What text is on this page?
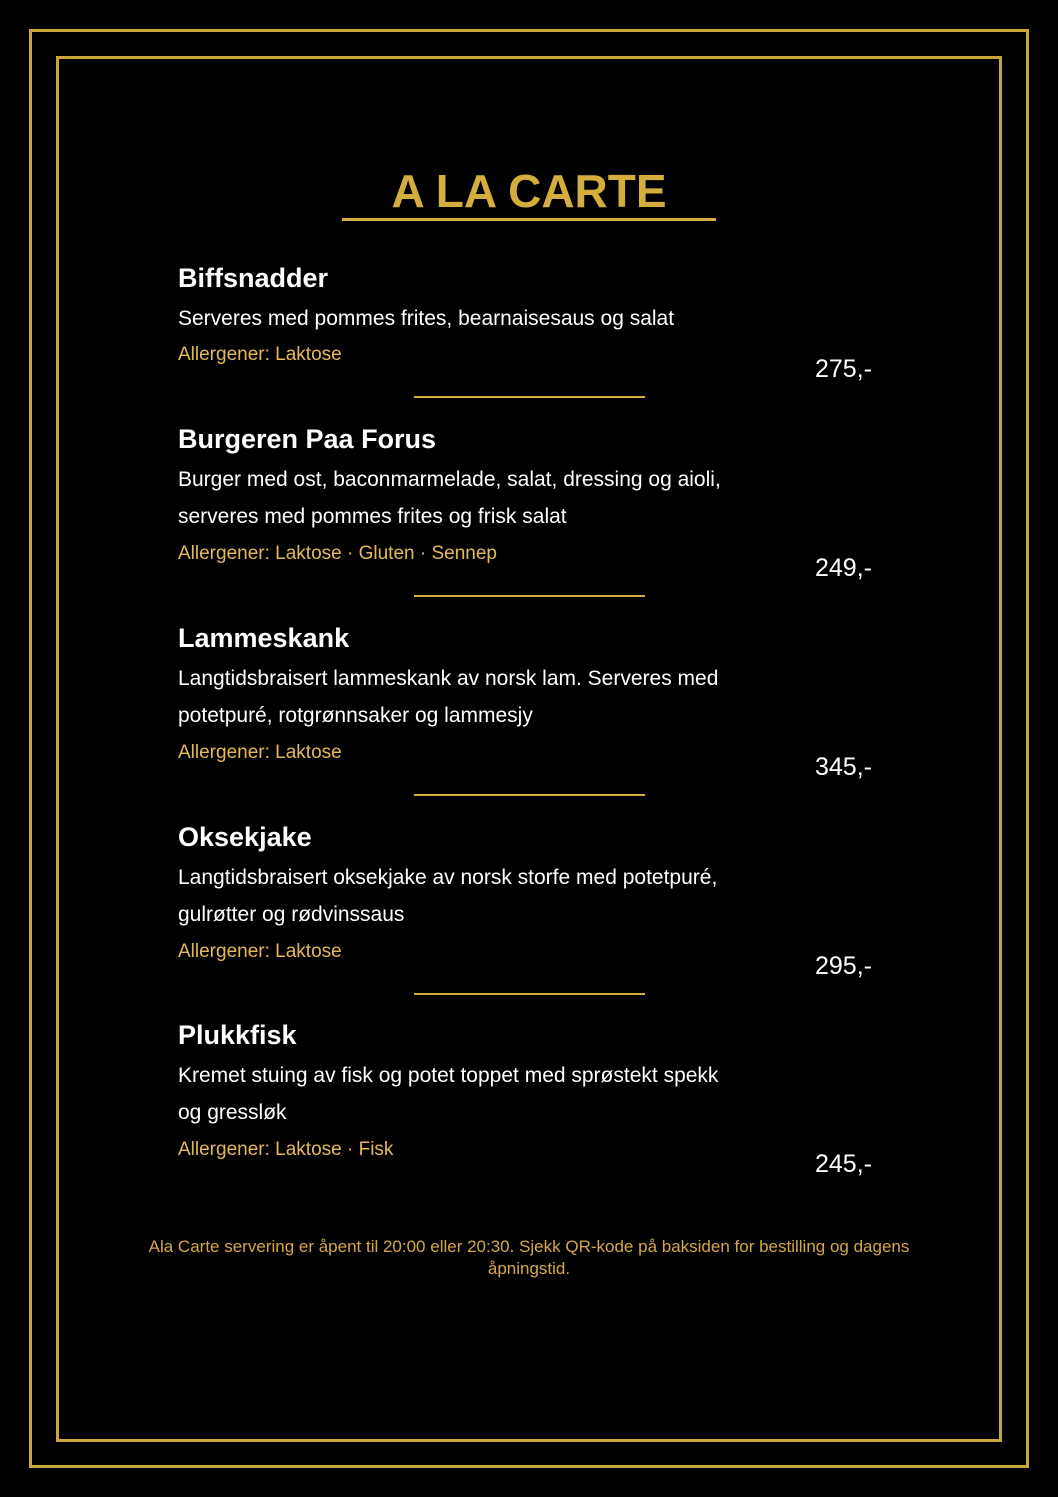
A LA CARTE

Biffsnadder

Serveres med pommes frites, bearnaisesaus og salat

Allergener: Laktose

275,-

Burgeren Paa Forus

Burger med ost, baconmarmelade, salat, dressing og aioli, serveres med pommes frites og frisk salat

Allergener: Laktose · Gluten · Sennep

249,-

Lammeskank

Langtidsbraisert lammeskank av norsk lam. Serveres med potetpuré, rotgrønnsaker og lammesjy

Allergener: Laktose

345,-

Oksekjake

Langtidsbraisert oksekjake av norsk storfe med potetpuré, gulrøtter og rødvinssaus

Allergener: Laktose

295,-

Plukkfisk

Kremet stuing av fisk og potet toppet med sprøstekt spekk og gressløk

Allergener: Laktose · Fisk

245,-

Ala Carte servering er åpent til 20:00 eller 20:30. Sjekk QR-kode på baksiden for bestilling og dagens åpningstid.
